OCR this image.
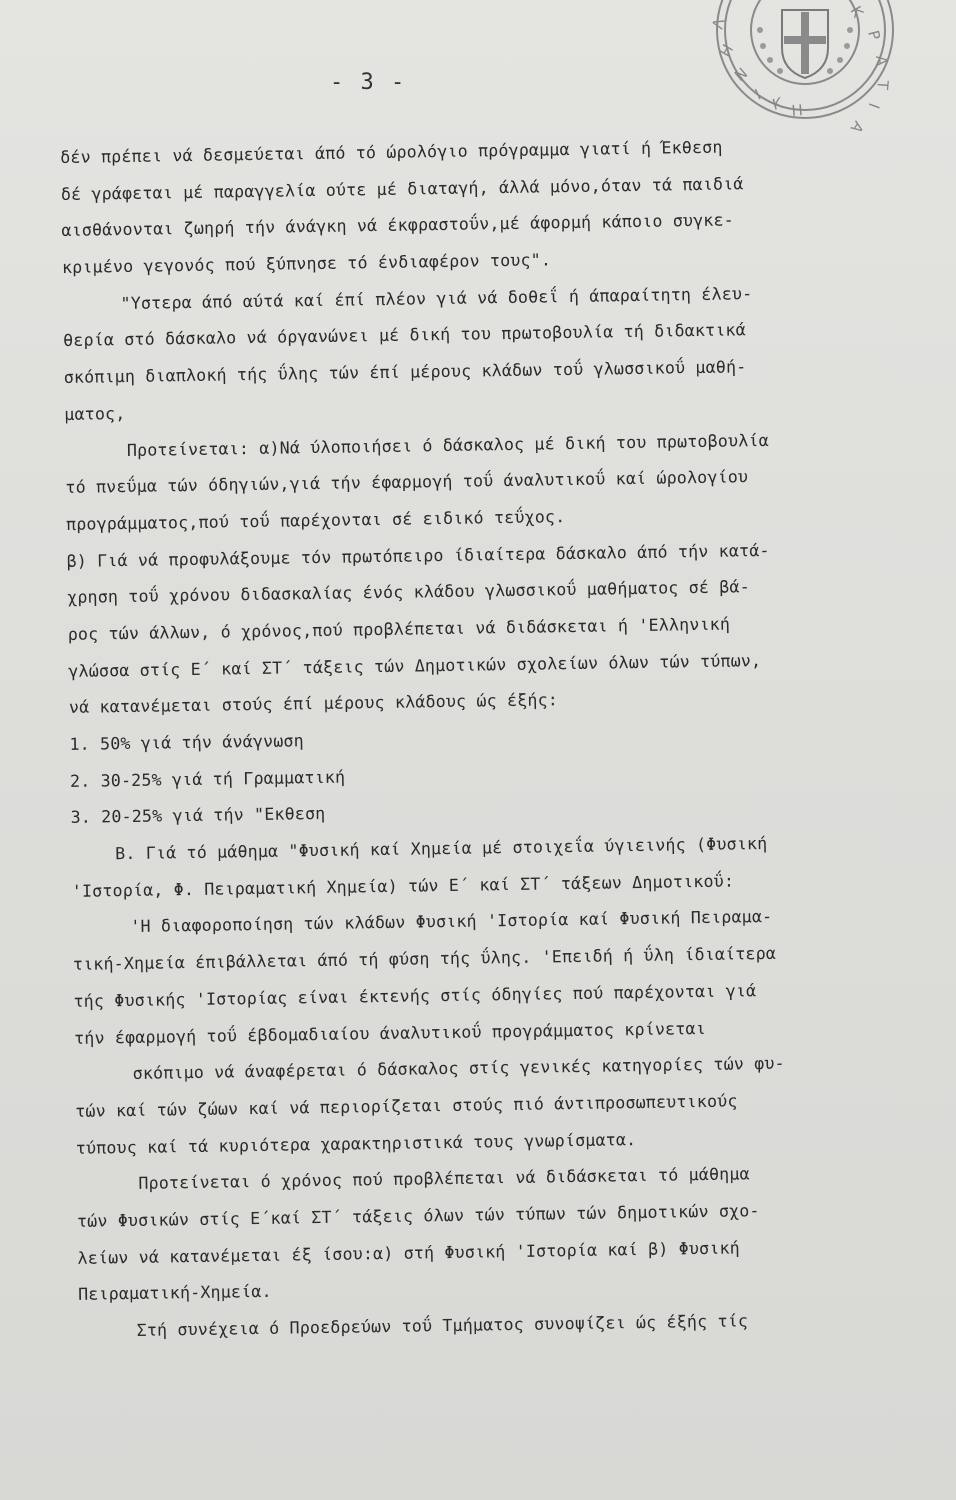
Λ
Η
Ν
Ι Κ Η
Κ
Ρ
Α
Τ
Ι
Α
- 3 -
δέν πρέπει νά δεσμεύεται άπό τό ώρολόγιο πρόγραμμα γιατί ή Έκθεση
δέ γράφεται μέ παραγγελία ούτε μέ διαταγή, άλλά μόνο,όταν τά παιδιά
αισθάνονται ζωηρή τήν άνάγκη νά έκφραστοΰν,μέ άφορμή κάποιο συγκε-
κριμένο γεγονός πού ξύπνησε τό ένδιαφέρον τους".
"Υστερα άπό αύτά καί έπί πλέον γιά νά δοθεΐ ή άπαραίτητη έλευ-
θερία στό δάσκαλο νά όργανώνει μέ δική του πρωτοβουλία τή διδακτικά
σκόπιμη διαπλοκή τής ΰλης τών έπί μέρους κλάδων τοΰ γλωσσικοΰ μαθή-
ματος,
Προτείνεται: α)Νά ύλοποιήσει ό δάσκαλος μέ δική του πρωτοβουλία
τό πνεΰμα τών όδηγιών,γιά τήν έφαρμογή τοΰ άναλυτικοΰ καί ώρολογίου
προγράμματος,πού τοΰ παρέχονται σέ ειδικό τεΰχος.
β) Γιά νά προφυλάξουμε τόν πρωτόπειρο ίδιαίτερα δάσκαλο άπό τήν κατά-
χρηση τοΰ χρόνου διδασκαλίας ένός κλάδου γλωσσικοΰ μαθήματος σέ βά-
ρος τών άλλων, ό χρόνος,πού προβλέπεται νά διδάσκεται ή 'Ελληνική
γλώσσα στίς Ε΄ καί ΣΤ΄ τάξεις τών Δημοτικών σχολείων όλων τών τύπων,
νά κατανέμεται στούς έπί μέρους κλάδους ώς έξής:
1. 50% γιά τήν άνάγνωση
2. 30-25% γιά τή Γραμματική
3. 20-25% γιά τήν "Εκθεση
Β. Γιά τό μάθημα "Φυσική καί Χημεία μέ στοιχεΐα ύγιεινής (Φυσική
'Ιστορία, Φ. Πειραματική Χημεία) τών Ε΄ καί ΣΤ΄ τάξεων Δημοτικοΰ:
'Η διαφοροποίηση τών κλάδων Φυσική 'Ιστορία καί Φυσική Πειραμα-
τική-Χημεία έπιβάλλεται άπό τή φύση τής ΰλης. 'Επειδή ή ΰλη ίδιαίτερα
τής Φυσικής 'Ιστορίας είναι έκτενής στίς όδηγίες πού παρέχονται γιά
τήν έφαρμογή τοΰ έβδομαδιαίου άναλυτικοΰ προγράμματος κρίνεται
σκόπιμο νά άναφέρεται ό δάσκαλος στίς γενικές κατηγορίες τών φυ-
τών καί τών ζώων καί νά περιορίζεται στούς πιό άντιπροσωπευτικούς
τύπους καί τά κυριότερα χαρακτηριστικά τους γνωρίσματα.
Προτείνεται ό χρόνος πού προβλέπεται νά διδάσκεται τό μάθημα
τών Φυσικών στίς Ε΄καί ΣΤ΄ τάξεις όλων τών τύπων τών δημοτικών σχο-
λείων νά κατανέμεται έξ ίσου:α) στή Φυσική 'Ιστορία καί β) Φυσική
Πειραματική-Χημεία.
Στή συνέχεια ό Προεδρεύων τοΰ Τμήματος συνοψίζει ώς έξής τίς
